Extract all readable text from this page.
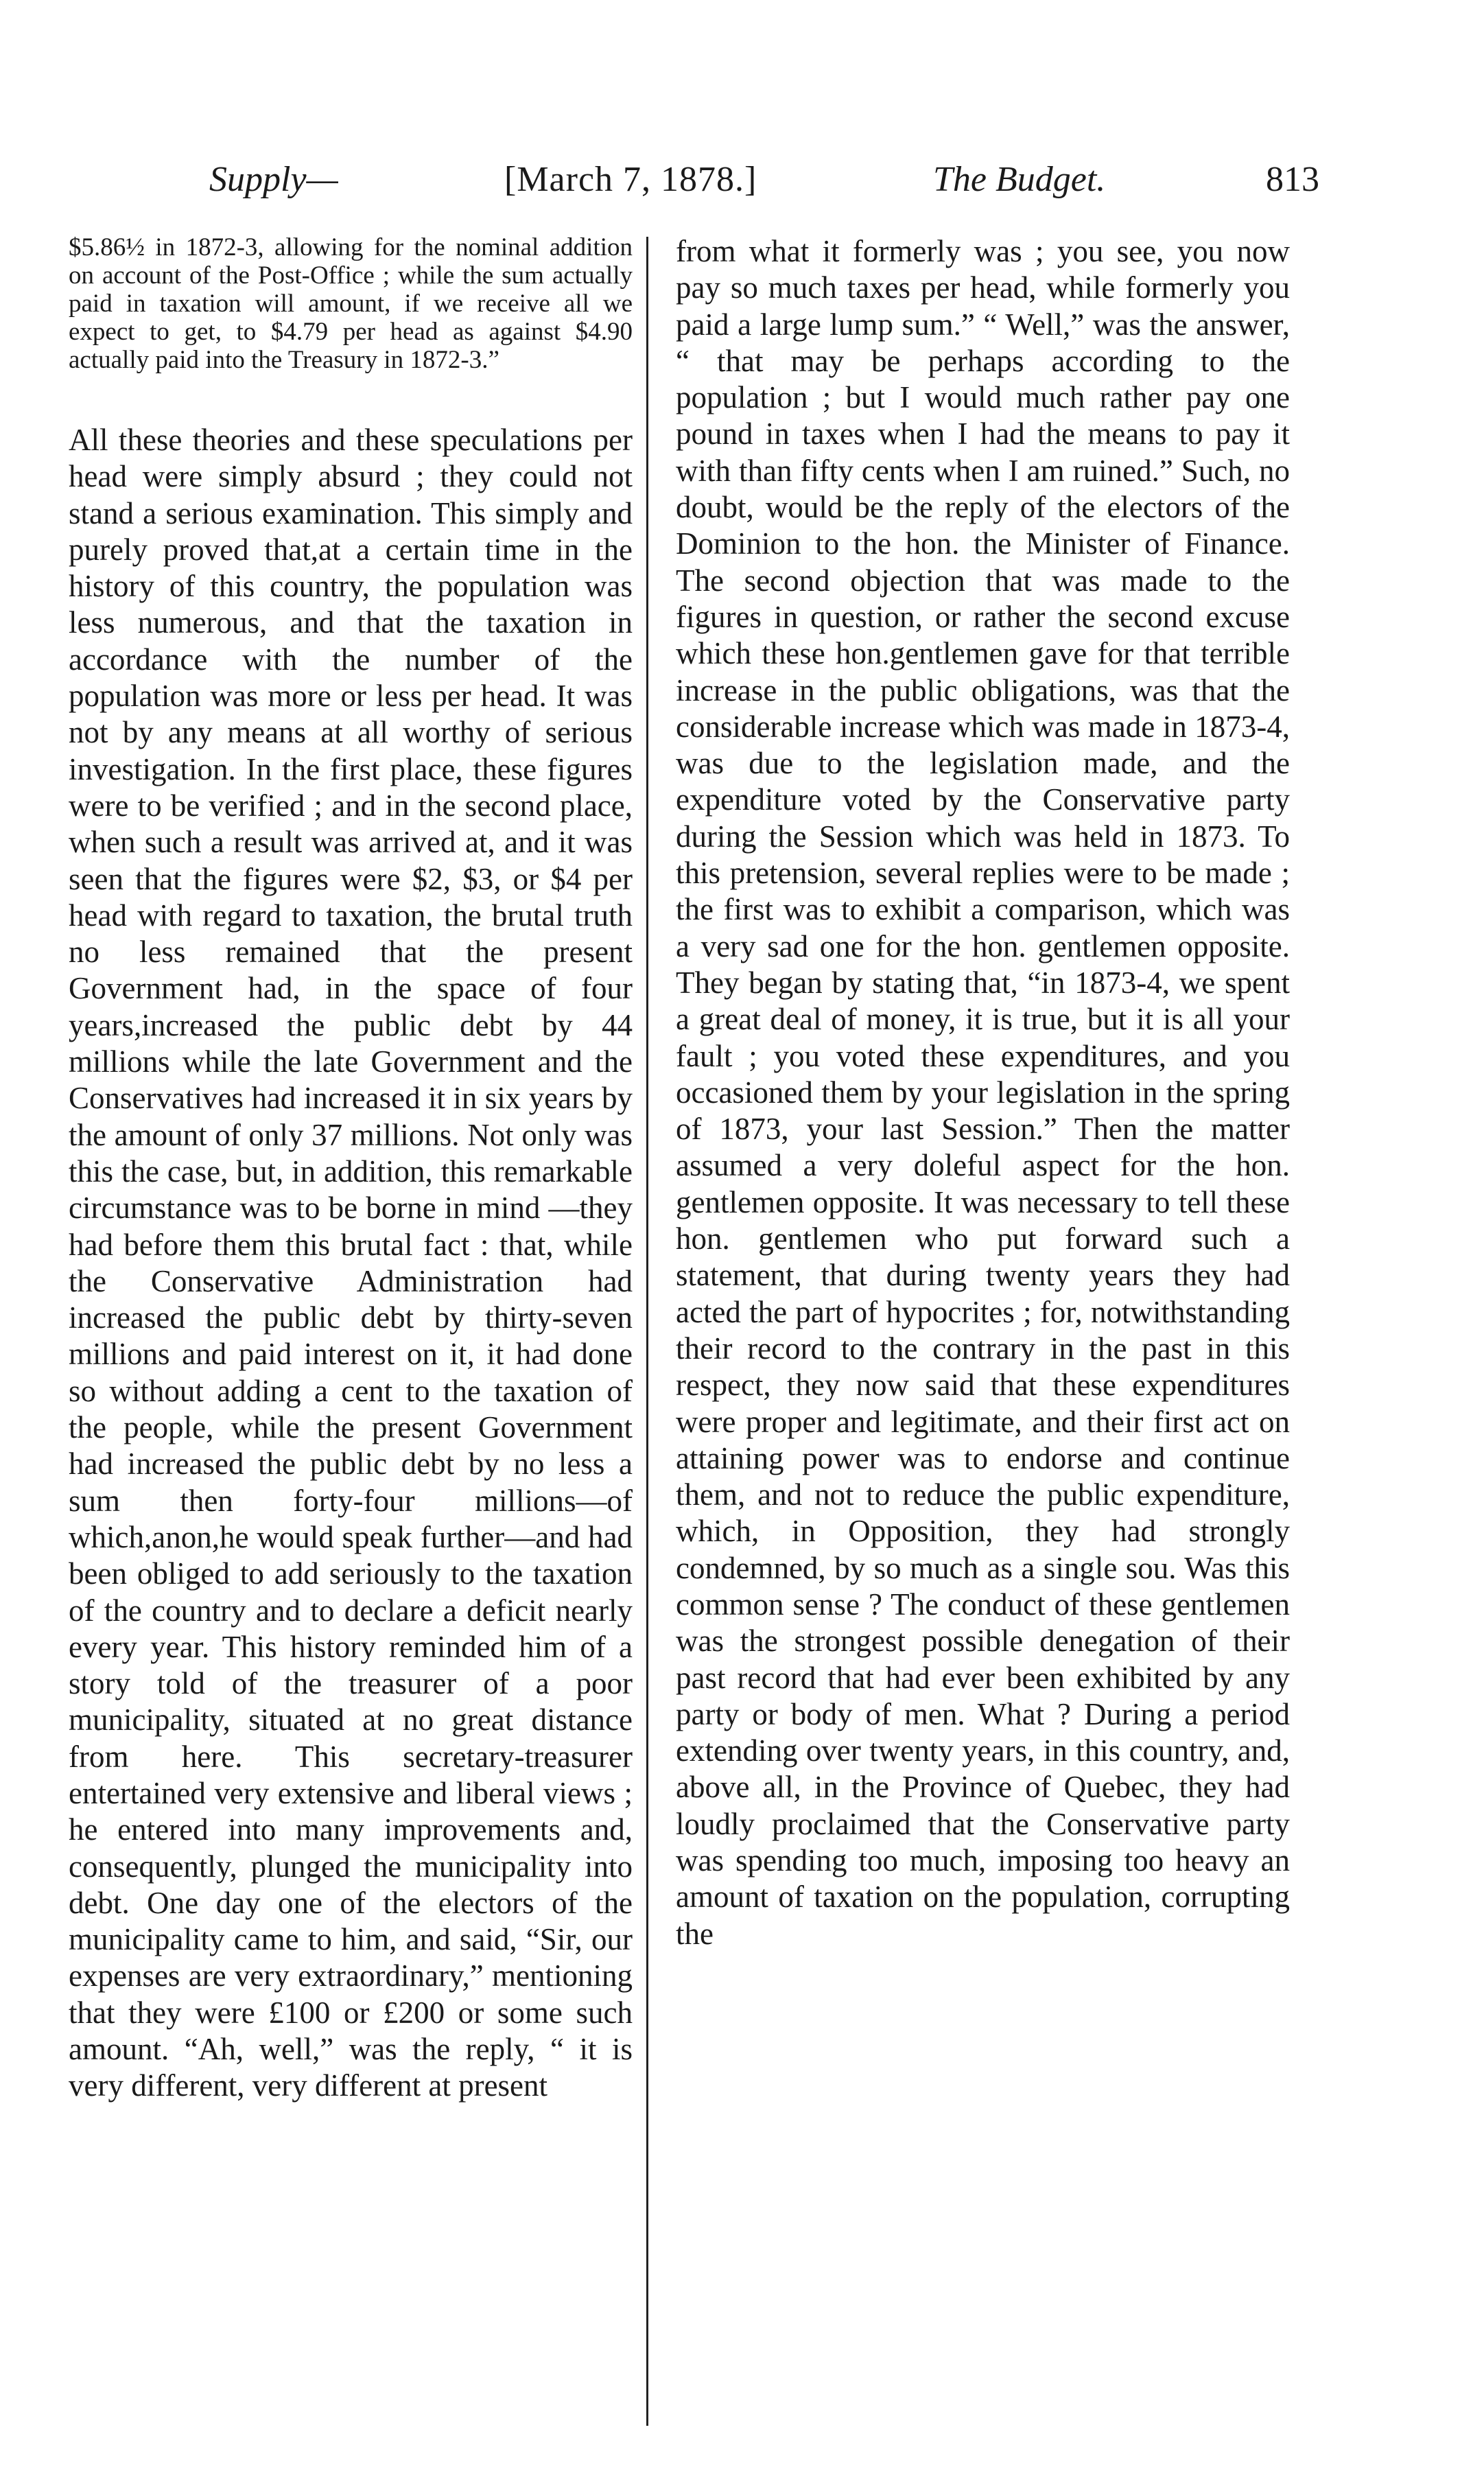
Supply—	[March 7, 1878.]	The Budget.	813

$5.86½ in 1872-3, allowing for the nominal addition on account of the Post-Office ; while the sum actually paid in taxation will amount, if we receive all we expect to get, to $4.79 per head as against $4.90 actually paid into the Treasury in 1872-3.”

All these theories and these speculations per head were simply absurd ; they could not stand a serious examination. This simply and purely proved that,at a certain time in the history of this country, the population was less numerous, and that the taxation in accordance with the number of the population was more or less per head. It was not by any means at all worthy of serious investigation. In the first place, these figures were to be verified ; and in the second place, when such a result was arrived at, and it was seen that the figures were $2, $3, or $4 per head with regard to taxation, the brutal truth no less remained that the present Government had, in the space of four years,increased the public debt by 44 millions while the late Government and the Conservatives had increased it in six years by the amount of only 37 millions. Not only was this the case, but, in addition, this remarkable circumstance was to be borne in mind —they had before them this brutal fact : that, while the Conservative Administration had increased the public debt by thirty-seven millions and paid interest on it, it had done so without adding a cent to the taxation of the people, while the present Government had increased the public debt by no less a sum then forty-four millions—of which,anon,he would speak further—and had been obliged to add seriously to the taxation of the country and to declare a deficit nearly every year. This history reminded him of a story told of the treasurer of a poor municipality, situated at no great distance from here. This secretary-treasurer entertained very extensive and liberal views ; he entered into many improvements and, consequently, plunged the municipality into debt. One day one of the electors of the municipality came to him, and said, “Sir, our expenses are very extraordinary,” mentioning that they were £100 or £200 or some such amount. “Ah, well,” was the reply, “ it is very different, very different at present

from what it formerly was ; you see, you now pay so much taxes per head, while formerly you paid a large lump sum.” “ Well,” was the answer, “ that may be perhaps according to the population ; but I would much rather pay one pound in taxes when I had the means to pay it with than fifty cents when I am ruined.” Such, no doubt, would be the reply of the electors of the Dominion to the hon. the Minister of Finance. The second objection that was made to the figures in question, or rather the second excuse which these hon.gentlemen gave for that terrible increase in the public obligations, was that the considerable increase which was made in 1873-4, was due to the legislation made, and the expenditure voted by the Conservative party during the Session which was held in 1873. To this pretension, several replies were to be made ; the first was to exhibit a comparison, which was a very sad one for the hon. gentlemen opposite. They began by stating that, “in 1873-4, we spent a great deal of money, it is true, but it is all your fault ; you voted these expenditures, and you occasioned them by your legislation in the spring of 1873, your last Session.” Then the matter assumed a very doleful aspect for the hon. gentlemen opposite. It was necessary to tell these hon. gentlemen who put forward such a statement, that during twenty years they had acted the part of hypocrites ; for, notwithstanding their record to the contrary in the past in this respect, they now said that these expenditures were proper and legitimate, and their first act on attaining power was to endorse and continue them, and not to reduce the public expenditure, which, in Opposition, they had strongly condemned, by so much as a single sou. Was this common sense ? The conduct of these gentlemen was the strongest possible denegation of their past record that had ever been exhibited by any party or body of men. What ? During a period extending over twenty years, in this country, and, above all, in the Province of Quebec, they had loudly proclaimed that the Conservative party was spending too much, imposing too heavy an amount of taxation on the population, corrupting the
